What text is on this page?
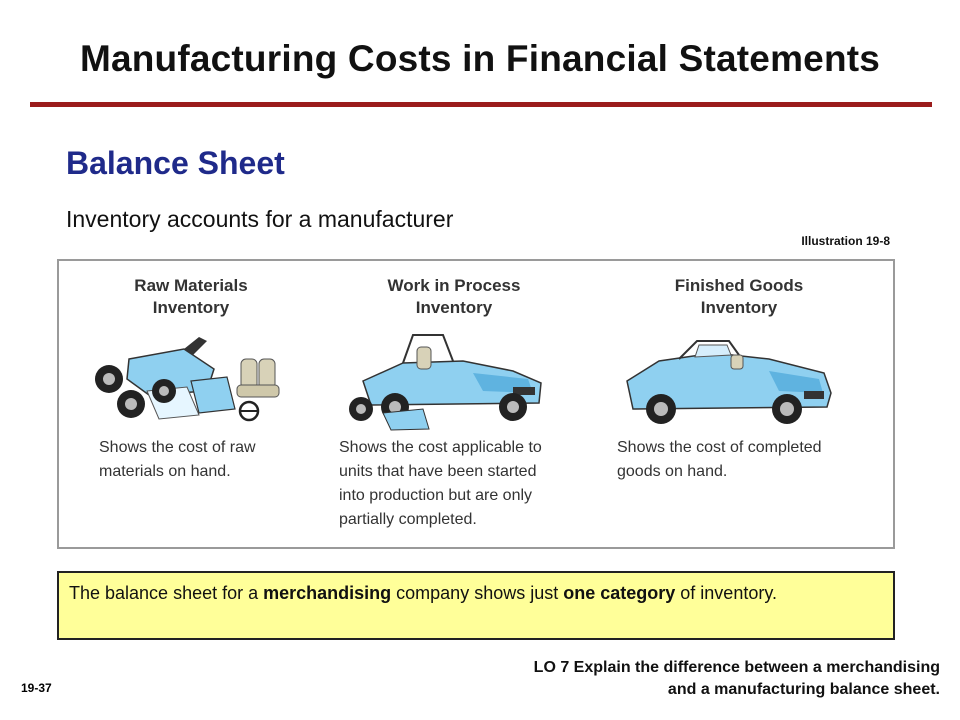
Manufacturing Costs in Financial Statements
Balance Sheet
Inventory accounts for a manufacturer
Illustration 19-8
Raw Materials
Inventory
Shows the cost of raw
materials on hand.
Work in Process
Inventory
Shows the cost applicable to
units that have been started
into production but are only
partially completed.
Finished Goods
Inventory
Shows the cost of completed
goods on hand.
The balance sheet for a merchandising company shows just one category of inventory.
LO 7 Explain the difference between a merchandising
and a manufacturing balance sheet.
19-37
